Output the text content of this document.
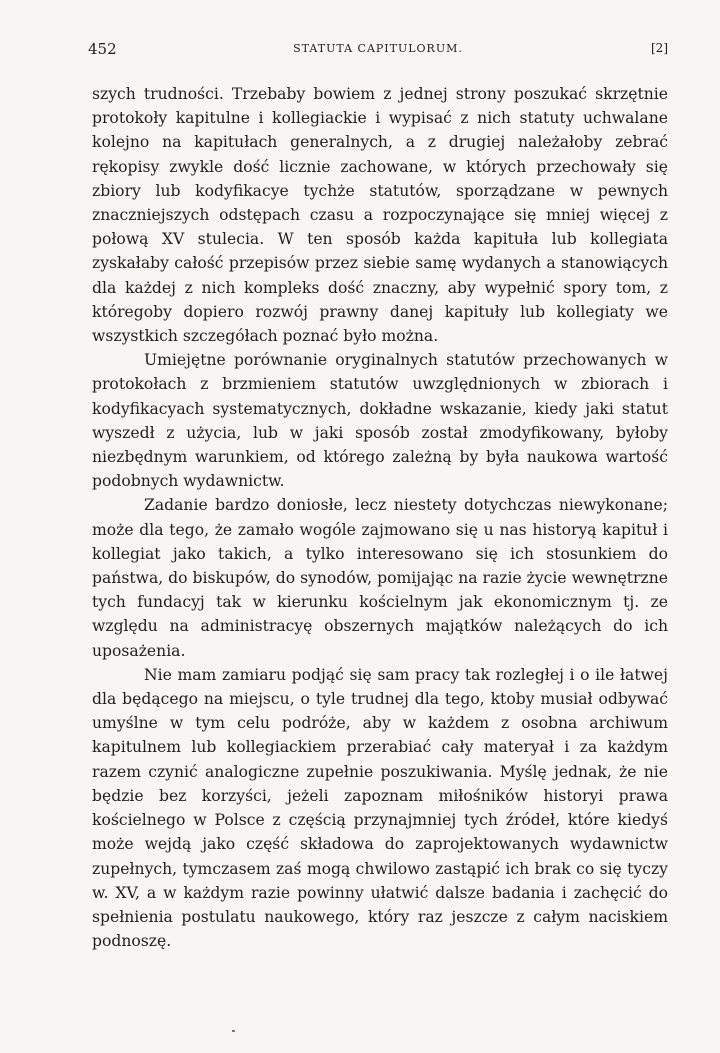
452	STATUTA CAPITULORUM.	[2]

szych trudności. Trzebaby bowiem z jednej strony poszukać skrzętnie protokoły kapitulne i kollegiackie i wypisać z nich statuty uchwalane kolejno na kapitułach generalnych, a z drugiej należałoby zebrać rękopisy zwykle dość licznie zachowane, w których przechowały się zbiory lub kodyfikacye tychże statutów, sporządzane w pewnych znaczniejszych odstępach czasu a rozpoczynające się mniej więcej z połową XV stulecia. W ten sposób każda kapituła lub kollegiata zyskałaby całość przepisów przez siebie samę wydanych a stanowiących dla każdej z nich kompleks dość znaczny, aby wypełnić spory tom, z któregoby dopiero rozwój prawny danej kapituły lub kollegiaty we wszystkich szczegółach poznać było można.

Umiejętne porównanie oryginalnych statutów przechowanych w protokołach z brzmieniem statutów uwzględnionych w zbiorach i kodyfikacyach systematycznych, dokładne wskazanie, kiedy jaki statut wyszedł z użycia, lub w jaki sposób został zmodyfikowany, byłoby niezbędnym warunkiem, od którego zależną by była naukowa wartość podobnych wydawnictw.

Zadanie bardzo doniosłe, lecz niestety dotychczas niewykonane; może dla tego, że zamało wogóle zajmowano się u nas historyą kapituł i kollegiat jako takich, a tylko interesowano się ich stosunkiem do państwa, do biskupów, do synodów, pomijając na razie życie wewnętrzne tych fundacyj tak w kierunku kościelnym jak ekonomicznym tj. ze względu na administracyę obszernych majątków należących do ich uposażenia.

Nie mam zamiaru podjąć się sam pracy tak rozległej i o ile łatwej dla będącego na miejscu, o tyle trudnej dla tego, ktoby musiał odbywać umyślne w tym celu podróże, aby w każdem z osobna archiwum kapitulnem lub kollegiackiem przerabiać cały materyał i za każdym razem czynić analogiczne zupełnie poszukiwania. Myślę jednak, że nie będzie bez korzyści, jeżeli zapoznam miłośników historyi prawa kościelnego w Polsce z częścią przynajmniej tych źródeł, które kiedyś może wejdą jako część składowa do zaprojektowanych wydawnictw zupełnych, tymczasem zaś mogą chwilowo zastąpić ich brak co się tyczy w. XV, a w każdym razie powinny ułatwić dalsze badania i zachęcić do spełnienia postulatu naukowego, który raz jeszcze z całym naciskiem podnoszę.
